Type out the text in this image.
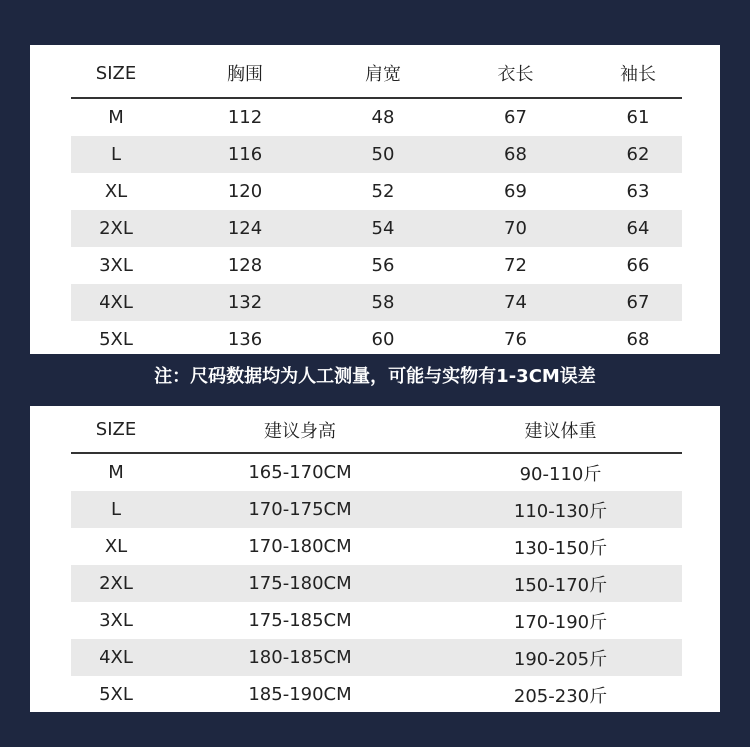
SIZE	胸围	肩宽	衣长	袖长
M	112	48	67	61
L	116	50	68	62
XL	120	52	69	63
2XL	124	54	70	64
3XL	128	56	72	66
4XL	132	58	74	67
5XL	136	60	76	68
注：尺码数据均为人工测量，可能与实物有1-3CM误差
SIZE	建议身高	建议体重
M	165-170CM	90-110斤
L	170-175CM	110-130斤
XL	170-180CM	130-150斤
2XL	175-180CM	150-170斤
3XL	175-185CM	170-190斤
4XL	180-185CM	190-205斤
5XL	185-190CM	205-230斤
